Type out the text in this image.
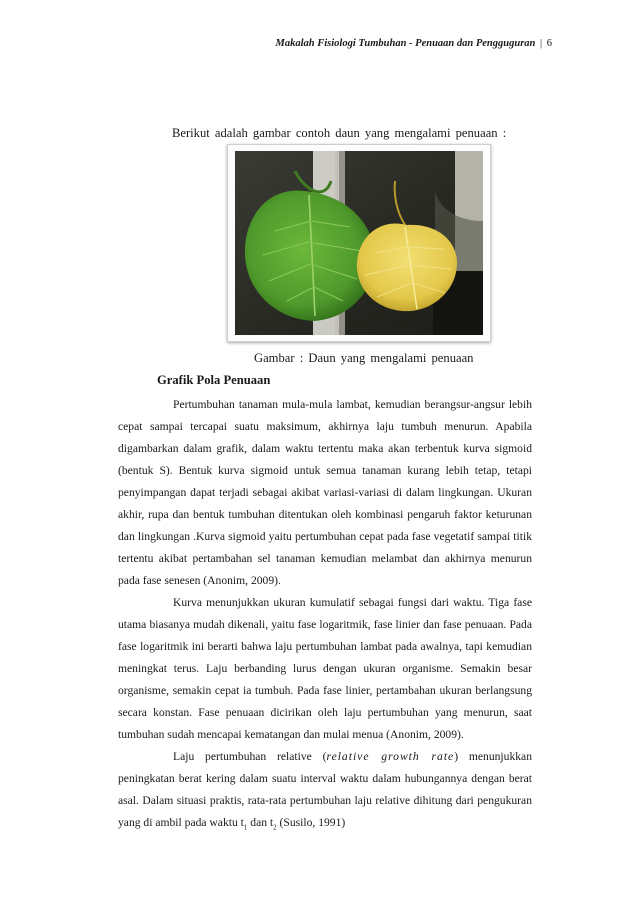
Makalah Fisiologi Tumbuhan - Penuaan dan Pengguguran | 6
Berikut adalah gambar contoh daun yang mengalami penuaan :
Gambar : Daun yang mengalami penuaan
Grafik Pola Penuaan

Pertumbuhan tanaman mula-mula lambat, kemudian berangsur-angsur lebih cepat sampai tercapai suatu maksimum, akhirnya laju tumbuh menurun. Apabila digambarkan dalam grafik, dalam waktu tertentu maka akan terbentuk kurva sigmoid (bentuk S). Bentuk kurva sigmoid untuk semua tanaman kurang lebih tetap, tetapi penyimpangan dapat terjadi sebagai akibat variasi-variasi di dalam lingkungan. Ukuran akhir, rupa dan bentuk tumbuhan ditentukan oleh kombinasi pengaruh faktor keturunan dan lingkungan .Kurva sigmoid yaitu pertumbuhan cepat pada fase vegetatif sampai titik tertentu akibat pertambahan sel tanaman kemudian melambat dan akhirnya menurun pada fase senesen (Anonim, 2009).

Kurva menunjukkan ukuran kumulatif sebagai fungsi dari waktu. Tiga fase utama biasanya mudah dikenali, yaitu fase logaritmik, fase linier dan fase penuaan. Pada fase logaritmik ini berarti bahwa laju pertumbuhan lambat pada awalnya, tapi kemudian meningkat terus. Laju berbanding lurus dengan ukuran organisme. Semakin besar organisme, semakin cepat ia tumbuh. Pada fase linier, pertambahan ukuran berlangsung secara konstan. Fase penuaan dicirikan oleh laju pertumbuhan yang menurun, saat tumbuhan sudah mencapai kematangan dan mulai menua (Anonim, 2009).

Laju pertumbuhan relative (relative growth rate) menunjukkan peningkatan berat kering dalam suatu interval waktu dalam hubungannya dengan berat asal. Dalam situasi praktis, rata-rata pertumbuhan laju relative dihitung dari pengukuran yang di ambil pada waktu $t_1$ dan $t_2$ (Susilo, 1991)
